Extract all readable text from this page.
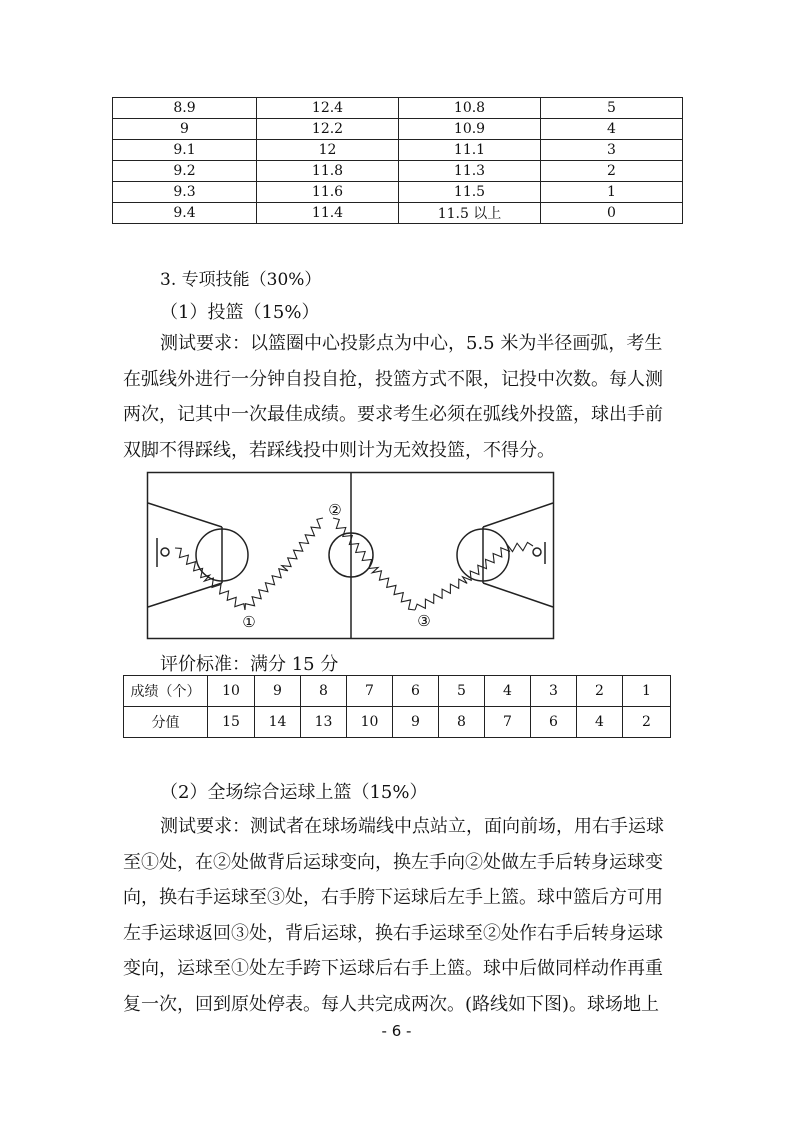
8.9	12.4	10.8	5
9	12.2	10.9	4
9.1	12	11.1	3
9.2	11.8	11.3	2
9.3	11.6	11.5	1
9.4	11.4	11.5 以上	0
3. 专项技能（30%）
（1）投篮（15%）
测试要求：以篮圈中心投影点为中心，5.5 米为半径画弧，考生
在弧线外进行一分钟自投自抢，投篮方式不限，记投中次数。每人测
两次，记其中一次最佳成绩。要求考生必须在弧线外投篮，球出手前
双脚不得踩线，若踩线投中则计为无效投篮，不得分。
①
②
③
评价标准：满分 15 分
成绩（个）	10	9	8	7	6	5	4	3	2	1
分值	15	14	13	10	9	8	7	6	4	2
（2）全场综合运球上篮（15%）
测试要求：测试者在球场端线中点站立，面向前场，用右手运球
至①处，在②处做背后运球变向，换左手向②处做左手后转身运球变
向，换右手运球至③处，右手胯下运球后左手上篮。球中篮后方可用
左手运球返回③处，背后运球，换右手运球至②处作右手后转身运球
变向，运球至①处左手跨下运球后右手上篮。球中后做同样动作再重
复一次，回到原处停表。每人共完成两次。(路线如下图)。球场地上
- 6 -
